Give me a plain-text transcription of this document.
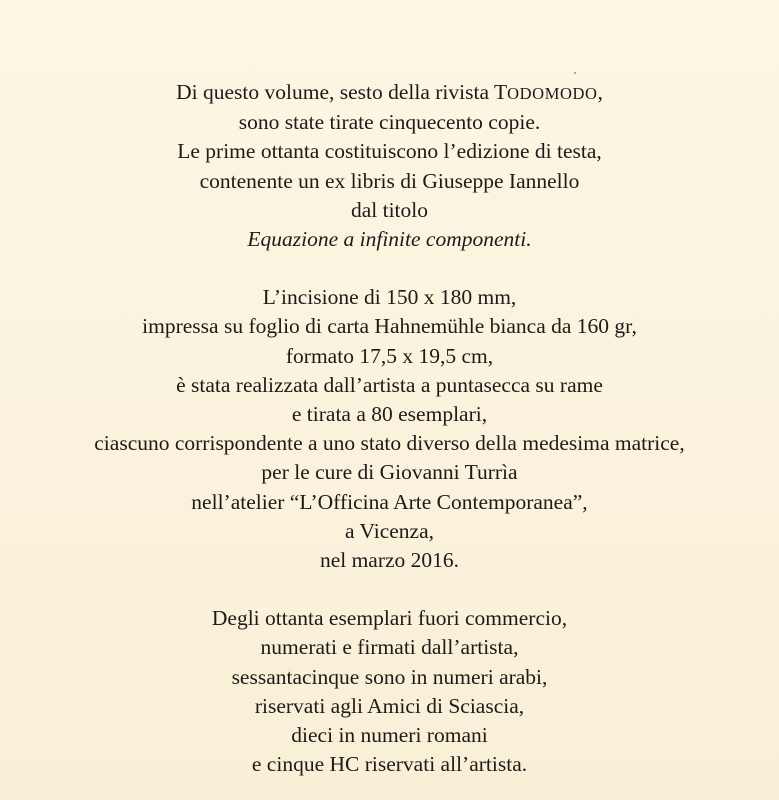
Di questo volume, sesto della rivista TODOMODO,
sono state tirate cinquecento copie.
Le prime ottanta costituiscono l’edizione di testa,
contenente un ex libris di Giuseppe Iannello
dal titolo
Equazione a infinite componenti.
L’incisione di 150 x 180 mm,
impressa su foglio di carta Hahnemühle bianca da 160 gr,
formato 17,5 x 19,5 cm,
è stata realizzata dall’artista a puntasecca su rame
e tirata a 80 esemplari,
ciascuno corrispondente a uno stato diverso della medesima matrice,
per le cure di Giovanni Turrìa
nell’atelier “L’Officina Arte Contemporanea”,
a Vicenza,
nel marzo 2016.
Degli ottanta esemplari fuori commercio,
numerati e firmati dall’artista,
sessantacinque sono in numeri arabi,
riservati agli Amici di Sciascia,
dieci in numeri romani
e cinque HC riservati all’artista.
